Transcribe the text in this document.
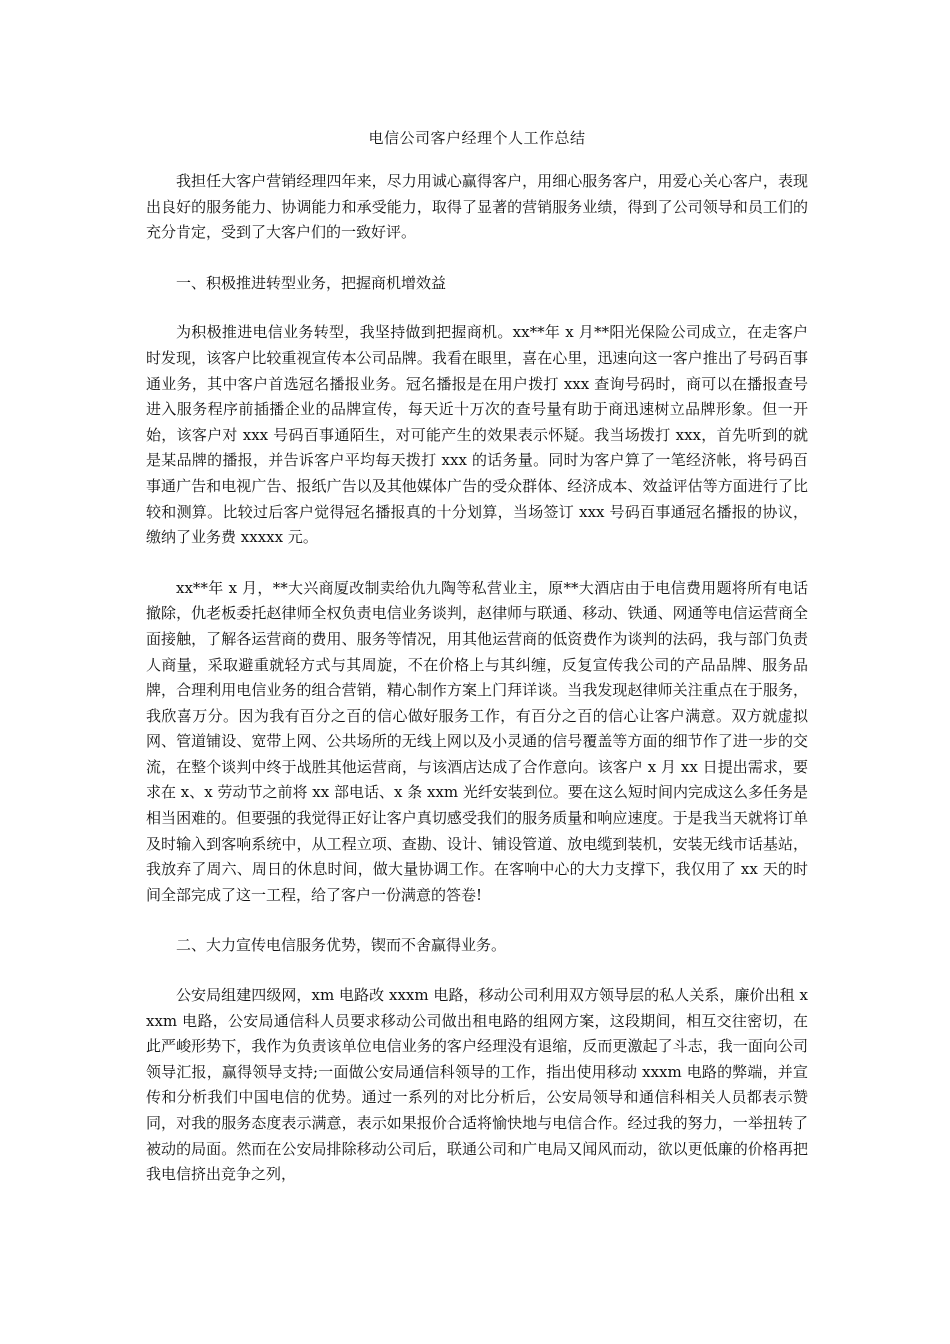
电信公司客户经理个人工作总结

我担任大客户营销经理四年来，尽力用诚心赢得客户，用细心服务客户，用爱心关心客户，表现出良好的服务能力、协调能力和承受能力，取得了显著的营销服务业绩，得到了公司领导和员工们的充分肯定，受到了大客户们的一致好评。

一、积极推进转型业务，把握商机增效益

为积极推进电信业务转型，我坚持做到把握商机。xx**年 x 月**阳光保险公司成立，在走客户时发现，该客户比较重视宣传本公司品牌。我看在眼里，喜在心里，迅速向这一客户推出了号码百事通业务，其中客户首选冠名播报业务。冠名播报是在用户拨打 xxx 查询号码时，商可以在播报查号进入服务程序前插播企业的品牌宣传，每天近十万次的查号量有助于商迅速树立品牌形象。但一开始，该客户对 xxx 号码百事通陌生，对可能产生的效果表示怀疑。我当场拨打 xxx，首先听到的就是某品牌的播报，并告诉客户平均每天拨打 xxx 的话务量。同时为客户算了一笔经济帐，将号码百事通广告和电视广告、报纸广告以及其他媒体广告的受众群体、经济成本、效益评估等方面进行了比较和测算。比较过后客户觉得冠名播报真的十分划算，当场签订 xxx 号码百事通冠名播报的协议，缴纳了业务费 xxxxx 元。

xx**年 x 月，**大兴商厦改制卖给仇九陶等私营业主，原**大酒店由于电信费用题将所有电话撤除，仇老板委托赵律师全权负责电信业务谈判，赵律师与联通、移动、铁通、网通等电信运营商全面接触，了解各运营商的费用、服务等情况，用其他运营商的低资费作为谈判的法码，我与部门负责人商量，采取避重就轻方式与其周旋，不在价格上与其纠缠，反复宣传我公司的产品品牌、服务品牌，合理利用电信业务的组合营销，精心制作方案上门拜详谈。当我发现赵律师关注重点在于服务，我欣喜万分。因为我有百分之百的信心做好服务工作，有百分之百的信心让客户满意。双方就虚拟网、管道铺设、宽带上网、公共场所的无线上网以及小灵通的信号覆盖等方面的细节作了进一步的交流，在整个谈判中终于战胜其他运营商，与该酒店达成了合作意向。该客户 x 月 xx 日提出需求，要求在 x、x 劳动节之前将 xx 部电话、x 条 xxm 光纤安装到位。要在这么短时间内完成这么多任务是相当困难的。但要强的我觉得正好让客户真切感受我们的服务质量和响应速度。于是我当天就将订单及时输入到客响系统中，从工程立项、查勘、设计、铺设管道、放电缆到装机，安装无线市话基站，我放弃了周六、周日的休息时间，做大量协调工作。在客响中心的大力支撑下，我仅用了 xx 天的时间全部完成了这一工程，给了客户一份满意的答卷!

二、大力宣传电信服务优势，锲而不舍赢得业务。

公安局组建四级网，xm 电路改 xxxm 电路，移动公司利用双方领导层的私人关系，廉价出租 xxxm 电路，公安局通信科人员要求移动公司做出租电路的组网方案，这段期间，相互交往密切，在此严峻形势下，我作为负责该单位电信业务的客户经理没有退缩，反而更激起了斗志，我一面向公司领导汇报，赢得领导支持;一面做公安局通信科领导的工作，指出使用移动 xxxm 电路的弊端，并宣传和分析我们中国电信的优势。通过一系列的对比分析后，公安局领导和通信科相关人员都表示赞同，对我的服务态度表示满意，表示如果报价合适将愉快地与电信合作。经过我的努力，一举扭转了被动的局面。然而在公安局排除移动公司后，联通公司和广电局又闻风而动，欲以更低廉的价格再把我电信挤出竞争之列，
